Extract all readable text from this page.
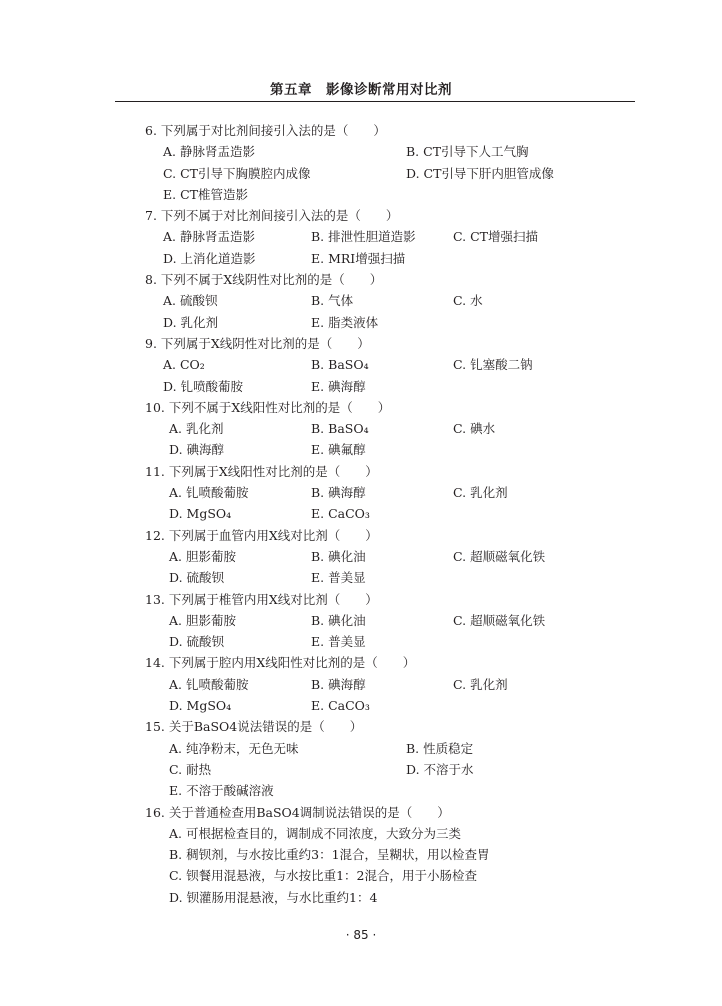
第五章　影像诊断常用对比剂
6. 下列属于对比剂间接引入法的是（　　）
A. 静脉肾盂造影	B. CT引导下人工气胸
C. CT引导下胸膜腔内成像	D. CT引导下肝内胆管成像
E. CT椎管造影
7. 下列不属于对比剂间接引入法的是（　　）
A. 静脉肾盂造影	B. 排泄性胆道造影	C. CT增强扫描
D. 上消化道造影	E. MRI增强扫描
8. 下列不属于X线阴性对比剂的是（　　）
A. 硫酸钡	B. 气体	C. 水
D. 乳化剂	E. 脂类液体
9. 下列属于X线阴性对比剂的是（　　）
A. CO₂	B. BaSO₄	C. 钆塞酸二钠
D. 钆喷酸葡胺	E. 碘海醇
10. 下列不属于X线阳性对比剂的是（　　）
A. 乳化剂	B. BaSO₄	C. 碘水
D. 碘海醇	E. 碘氟醇
11. 下列属于X线阳性对比剂的是（　　）
A. 钆喷酸葡胺	B. 碘海醇	C. 乳化剂
D. MgSO₄	E. CaCO₃
12. 下列属于血管内用X线对比剂（　　）
A. 胆影葡胺	B. 碘化油	C. 超顺磁氧化铁
D. 硫酸钡	E. 普美显
13. 下列属于椎管内用X线对比剂（　　）
A. 胆影葡胺	B. 碘化油	C. 超顺磁氧化铁
D. 硫酸钡	E. 普美显
14. 下列属于腔内用X线阳性对比剂的是（　　）
A. 钆喷酸葡胺	B. 碘海醇	C. 乳化剂
D. MgSO₄	E. CaCO₃
15. 关于BaSO4说法错误的是（　　）
A. 纯净粉末，无色无味	B. 性质稳定
C. 耐热	D. 不溶于水
E. 不溶于酸碱溶液
16. 关于普通检查用BaSO4调制说法错误的是（　　）
A. 可根据检查目的，调制成不同浓度，大致分为三类
B. 稠钡剂，与水按比重约3：1混合，呈糊状，用以检查胃
C. 钡餐用混悬液，与水按比重1：2混合，用于小肠检查
D. 钡灌肠用混悬液，与水比重约1：4
· 85 ·
